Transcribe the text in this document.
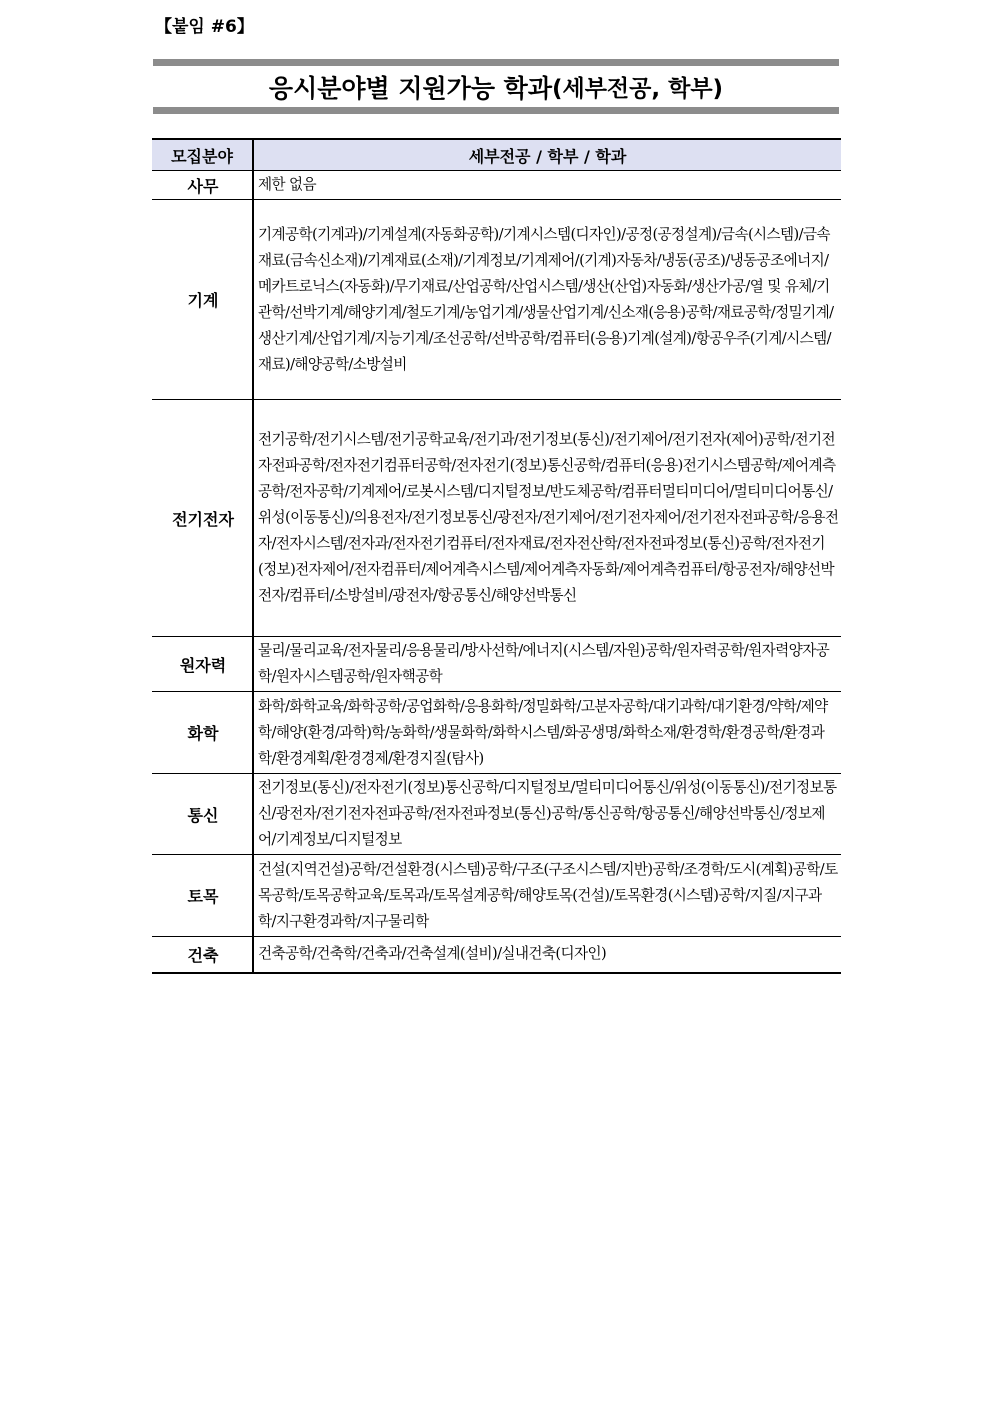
【붙임 #6】
응시분야별 지원가능 학과 (세부전공, 학부)
모집분야	세부전공 / 학부 / 학과
사무	제한 없음
기계	기계공학(기계과)/기계설계(자동화공학)/기계시스템(디자인)/공정(공정설계)/금속(시스템)/금속재료(금속신소재)/기계재료(소재)/기계정보/기계제어/(기계)자동차/냉동(공조)/냉동공조에너지/메카트로닉스(자동화)/무기재료/산업공학/산업시스템/생산(산업)자동화/생산가공/열 및 유체/기관학/선박기계/해양기계/철도기계/농업기계/생물산업기계/신소재(응용)공학/재료공학/정밀기계/생산기계/산업기계/지능기계/조선공학/선박공학/컴퓨터(응용)기계(설계)/항공우주(기계/시스템/재료)/해양공학/소방설비
전기전자	전기공학/전기시스템/전기공학교육/전기과/전기정보(통신)/전기제어/전기전자(제어)공학/전기전자전파공학/전자전기컴퓨터공학/전자전기(정보)통신공학/컴퓨터(응용)전기시스템공학/제어계측공학/전자공학/기계제어/로봇시스템/디지털정보/반도체공학/컴퓨터멀티미디어/멀티미디어통신/위성(이동통신)/의용전자/전기정보통신/광전자/전기제어/전기전자제어/전기전자전파공학/응용전자/전자시스템/전자과/전자전기컴퓨터/전자재료/전자전산학/전자전파정보(통신)공학/전자전기(정보)전자제어/전자컴퓨터/제어계측시스템/제어계측자동화/제어계측컴퓨터/항공전자/해양선박전자/컴퓨터/소방설비/광전자/항공통신/해양선박통신
원자력	물리/물리교육/전자물리/응용물리/방사선학/에너지(시스템/자원)공학/원자력공학/원자력양자공학/원자시스템공학/원자핵공학
화학	화학/화학교육/화학공학/공업화학/응용화학/정밀화학/고분자공학/대기과학/대기환경/약학/제약학/해양(환경/과학)학/농화학/생물화학/화학시스템/화공생명/화학소재/환경학/환경공학/환경과학/환경계획/환경경제/환경지질(탐사)
통신	전기정보(통신)/전자전기(정보)통신공학/디지털정보/멀티미디어통신/위성(이동통신)/전기정보통신/광전자/전기전자전파공학/전자전파정보(통신)공학/통신공학/항공통신/해양선박통신/정보제어/기계정보/디지털정보
토목	건설(지역건설)공학/건설환경(시스템)공학/구조(구조시스템/지반)공학/조경학/도시(계획)공학/토목공학/토목공학교육/토목과/토목설계공학/해양토목(건설)/토목환경(시스템)공학/지질/지구과학/지구환경과학/지구물리학
건축	건축공학/건축학/건축과/건축설계(설비)/실내건축(디자인)
